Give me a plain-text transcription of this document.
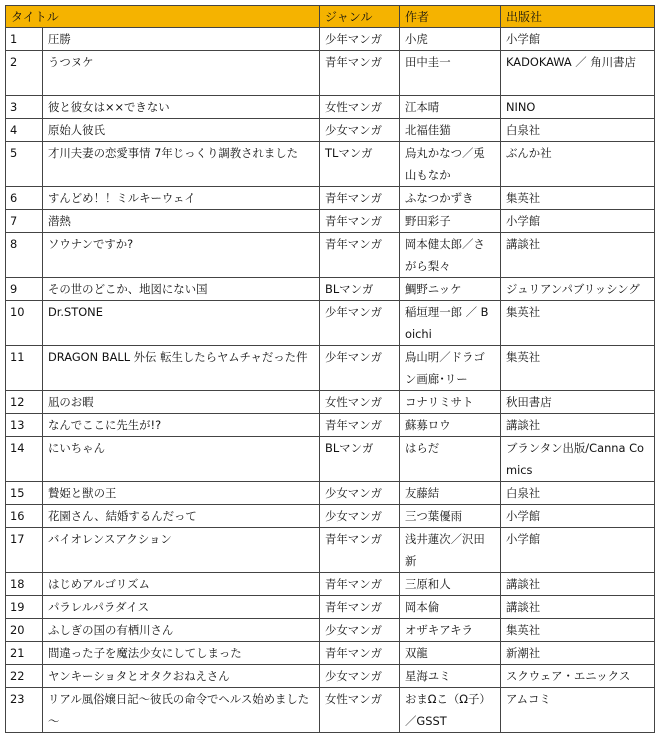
タイトル		ジャンル	作者	出版社
1	圧勝	少年マンガ	小虎	小学館
2	うつヌケ	青年マンガ	田中圭一	KADOKAWA ／ 角川書店
3	彼と彼女は××できない	女性マンガ	江本晴	NINO
4	原始人彼氏	少女マンガ	北福佳猫	白泉社
5	才川夫妻の恋愛事情 7年じっくり調教されました	TLマンガ	烏丸かなつ／兎山もなか	ぶんか社
6	すんどめ！！ミルキーウェイ	青年マンガ	ふなつかずき	集英社
7	潜熱	青年マンガ	野田彩子	小学館
8	ソウナンですか?	青年マンガ	岡本健太郎／さがら梨々	講談社
9	その世のどこか、地図にない国	BLマンガ	鯛野ニッケ	ジュリアンパブリッシング
10	Dr.STONE	少年マンガ	稲垣理一郎 ／ Boichi	集英社
11	DRAGON BALL 外伝 転生したらヤムチャだった件	少年マンガ	鳥山明／ドラゴン画廊･リー	集英社
12	凪のお暇	女性マンガ	コナリミサト	秋田書店
13	なんでここに先生が!?	青年マンガ	蘇募ロウ	講談社
14	にいちゃん	BLマンガ	はらだ	ブランタン出版/Canna Comics
15	贄姫と獣の王	少女マンガ	友藤結	白泉社
16	花園さん、結婚するんだって	少女マンガ	三つ葉優雨	小学館
17	バイオレンスアクション	青年マンガ	浅井蓮次／沢田新	小学館
18	はじめアルゴリズム	青年マンガ	三原和人	講談社
19	パラレルパラダイス	青年マンガ	岡本倫	講談社
20	ふしぎの国の有栖川さん	少女マンガ	オザキアキラ	集英社
21	間違った子を魔法少女にしてしまった	青年マンガ	双龍	新潮社
22	ヤンキーショタとオタクおねえさん	少女マンガ	星海ユミ	スクウェア・エニックス
23	リアル風俗嬢日記～彼氏の命令でヘルス始めました～	女性マンガ	おまΩこ（Ω子）／GSST	アムコミ
